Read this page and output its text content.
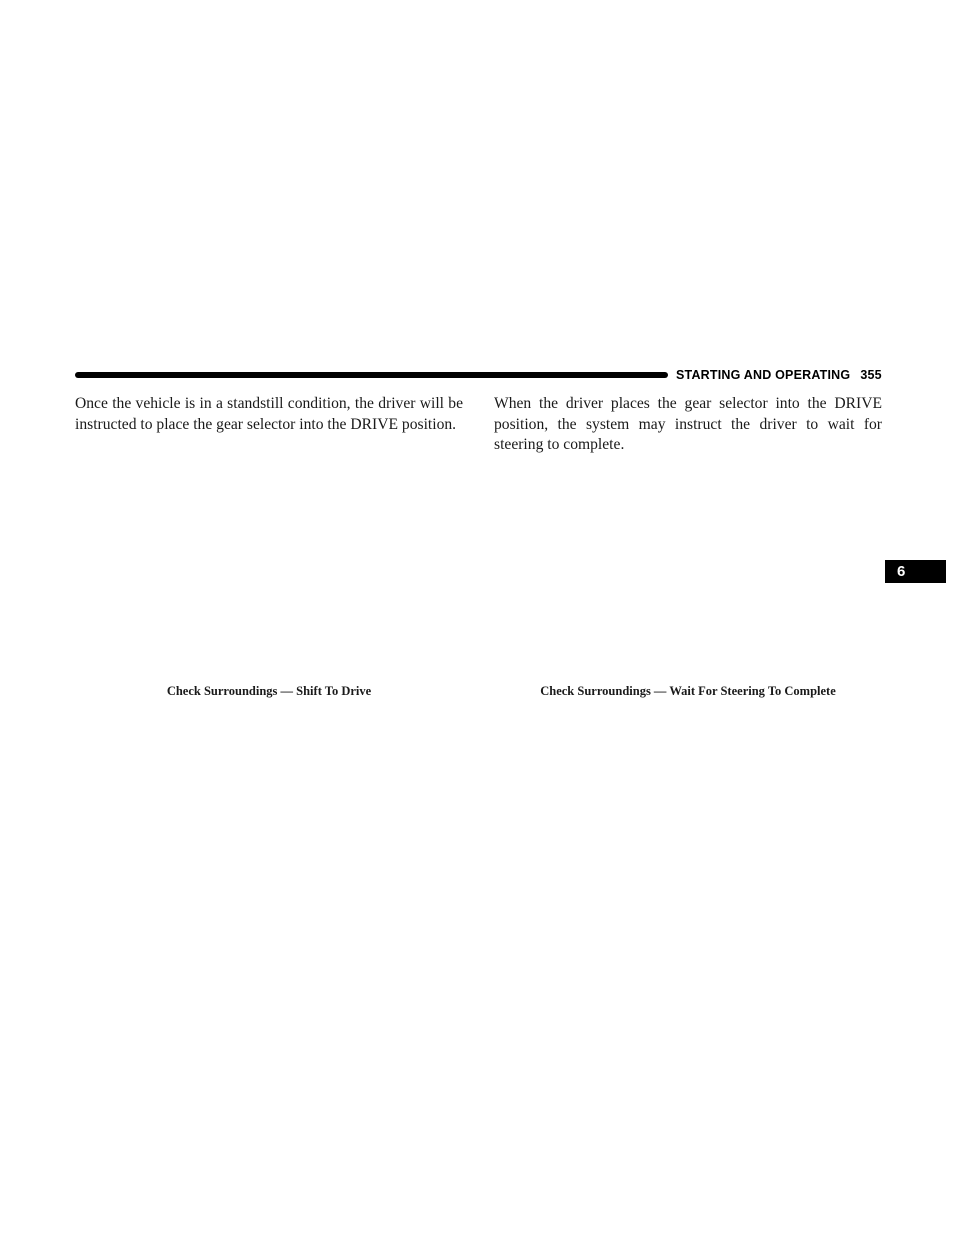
STARTING AND OPERATING 355

Once the vehicle is in a standstill condition, the driver will be instructed to place the gear selector into the DRIVE position.

When the driver places the gear selector into the DRIVE position, the system may instruct the driver to wait for steering to complete.

Check Surroundings — Shift To Drive	Check Surroundings — Wait For Steering To Complete
6
